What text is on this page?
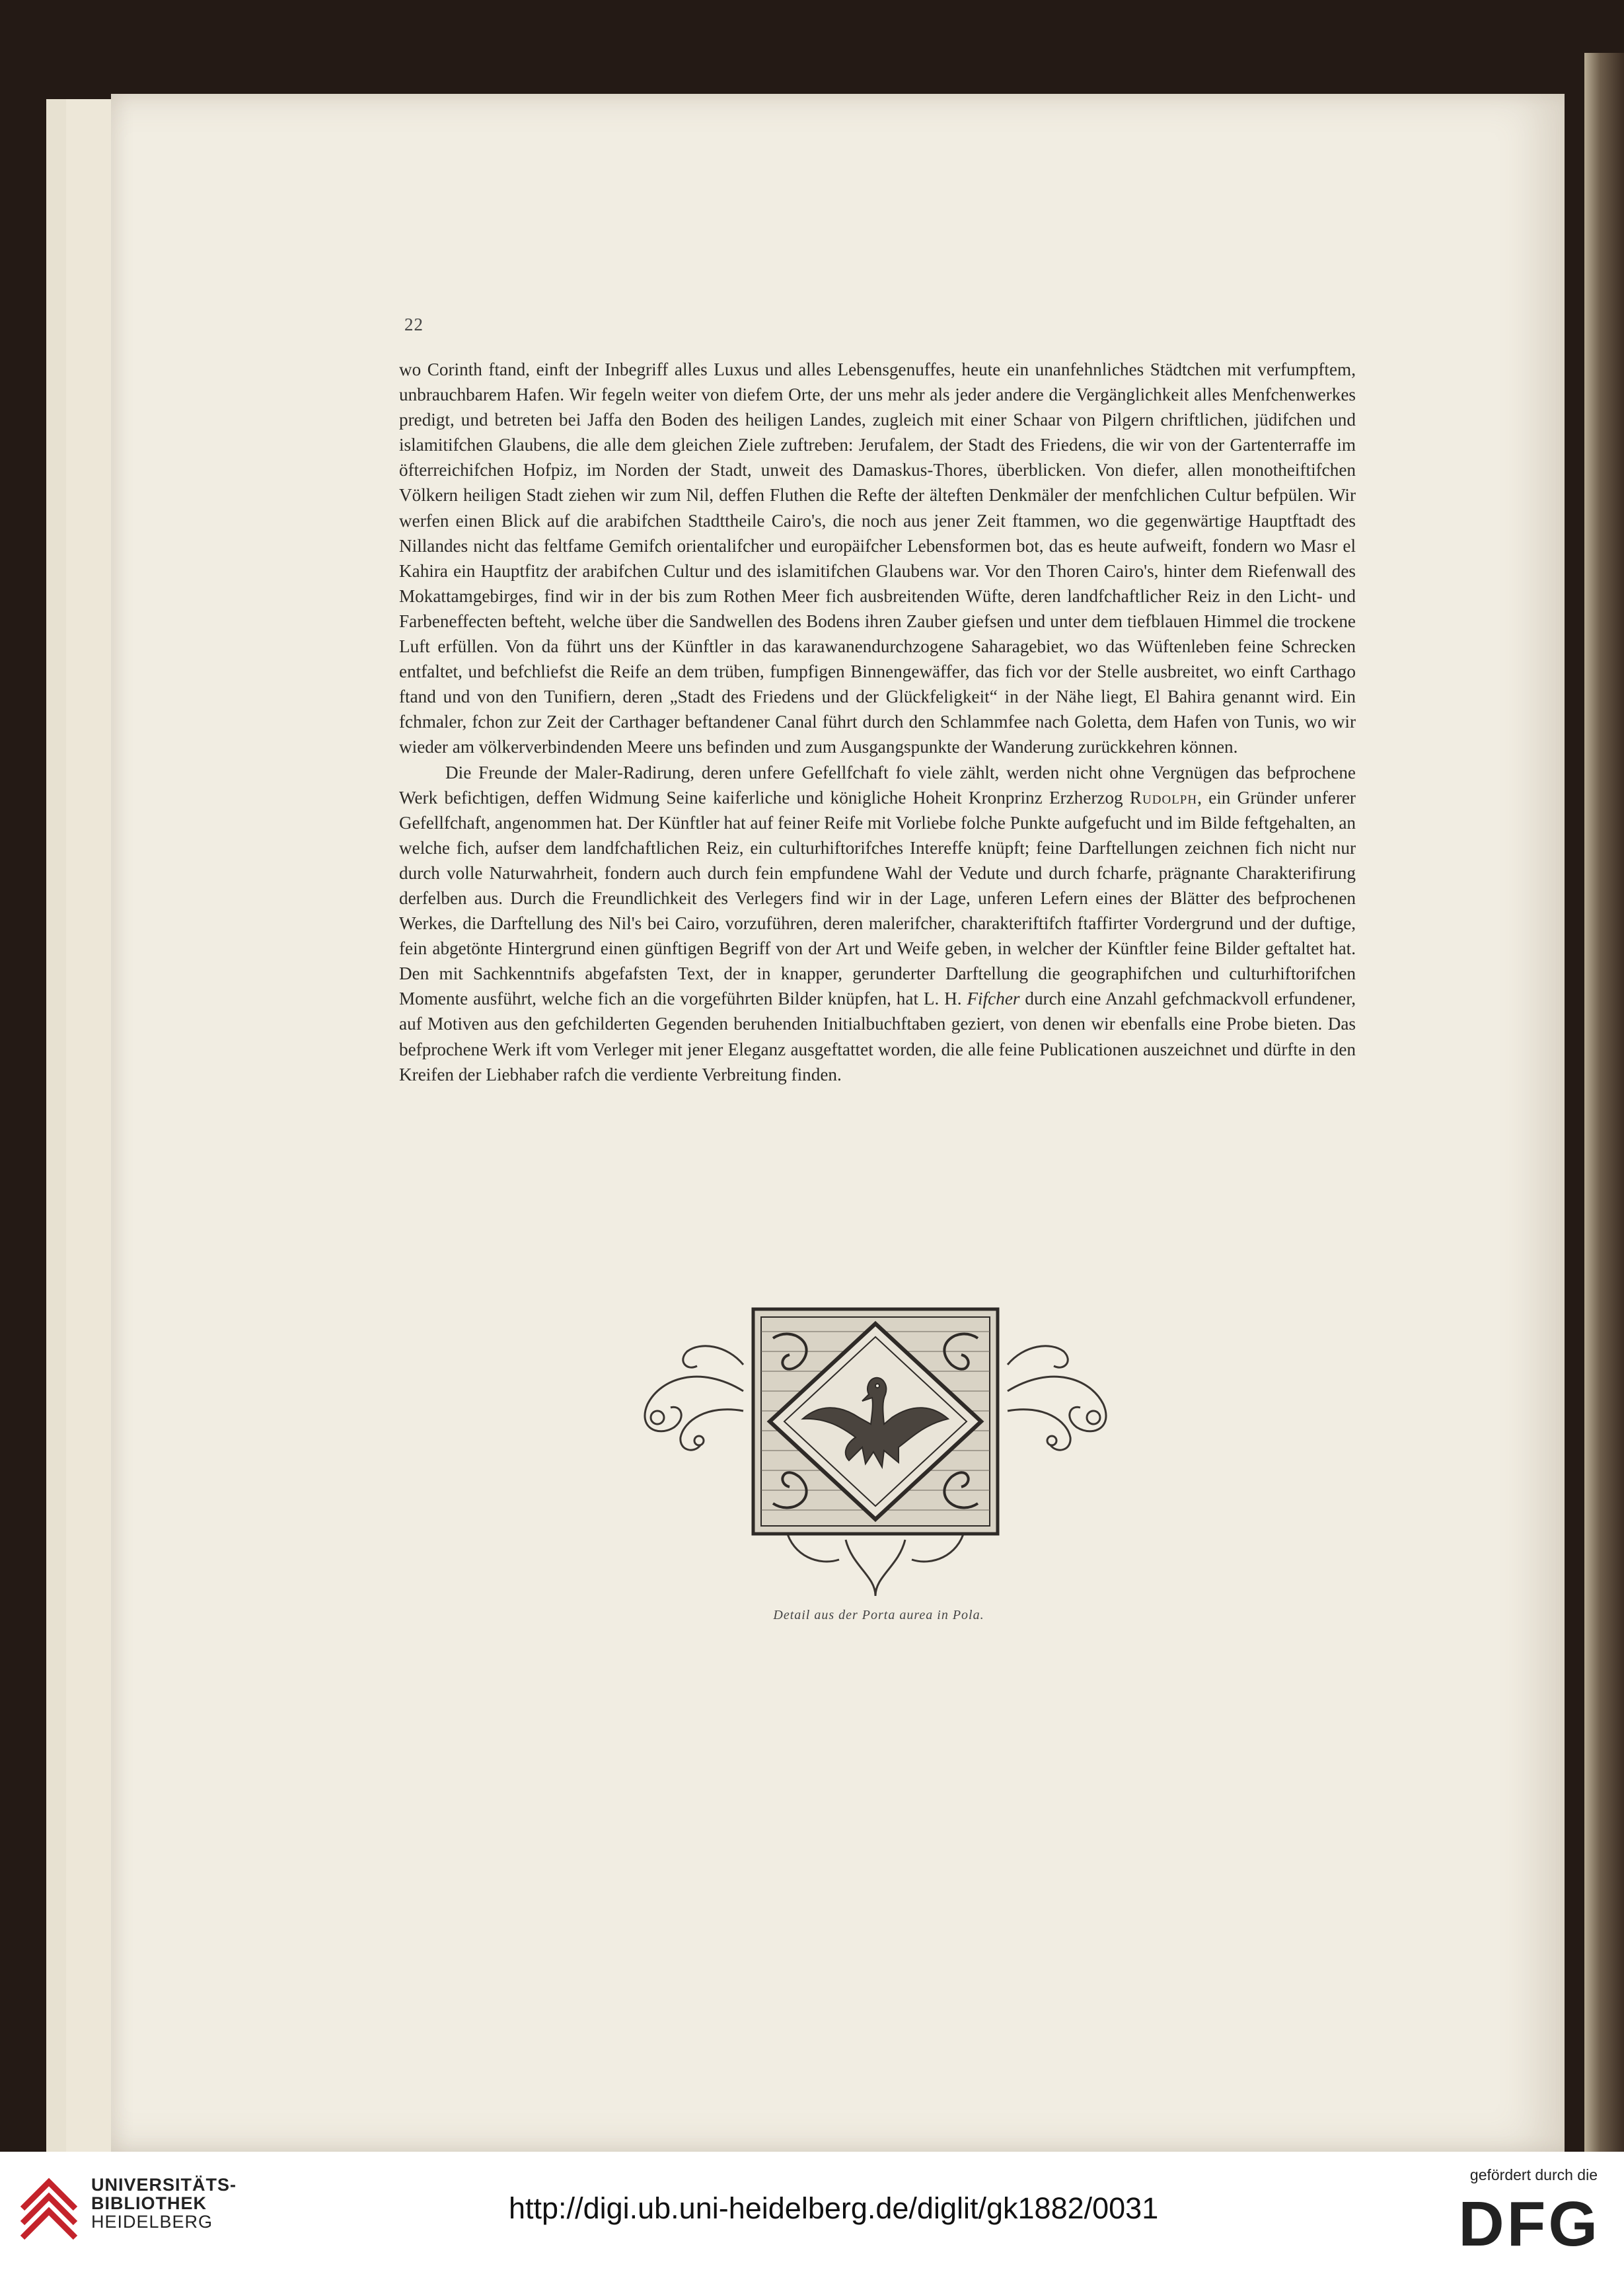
22

wo Corinth ftand, einft der Inbegriff alles Luxus und alles Lebensgenuffes, heute ein unanfehnliches Städtchen mit verfumpftem, unbrauchbarem Hafen. Wir fegeln weiter von diefem Orte, der uns mehr als jeder andere die Vergänglichkeit alles Menfchenwerkes predigt, und betreten bei Jaffa den Boden des heiligen Landes, zugleich mit einer Schaar von Pilgern chriftlichen, jüdifchen und islamitifchen Glaubens, die alle dem gleichen Ziele zuftreben: Jerufalem, der Stadt des Friedens, die wir von der Gartenterraffe im öfterreichifchen Hofpiz, im Norden der Stadt, unweit des Damaskus-Thores, überblicken. Von diefer, allen monotheiftifchen Völkern heiligen Stadt ziehen wir zum Nil, deffen Fluthen die Refte der älteften Denkmäler der menfchlichen Cultur befpülen. Wir werfen einen Blick auf die arabifchen Stadttheile Cairo's, die noch aus jener Zeit ftammen, wo die gegenwärtige Hauptftadt des Nillandes nicht das feltfame Gemifch orientalifcher und europäifcher Lebensformen bot, das es heute aufweift, fondern wo Masr el Kahira ein Hauptfitz der arabifchen Cultur und des islamitifchen Glaubens war. Vor den Thoren Cairo's, hinter dem Riefenwall des Mokattamgebirges, find wir in der bis zum Rothen Meer fich ausbreitenden Wüfte, deren landfchaftlicher Reiz in den Licht- und Farbeneffecten befteht, welche über die Sandwellen des Bodens ihren Zauber giefsen und unter dem tiefblauen Himmel die trockene Luft erfüllen. Von da führt uns der Künftler in das karawanendurchzogene Saharagebiet, wo das Wüftenleben feine Schrecken entfaltet, und befchliefst die Reife an dem trüben, fumpfigen Binnengewäffer, das fich vor der Stelle ausbreitet, wo einft Carthago ftand und von den Tunifiern, deren „Stadt des Friedens und der Glückfeligkeit“ in der Nähe liegt, El Bahira genannt wird. Ein fchmaler, fchon zur Zeit der Carthager beftandener Canal führt durch den Schlammfee nach Goletta, dem Hafen von Tunis, wo wir wieder am völkerverbindenden Meere uns befinden und zum Ausgangspunkte der Wanderung zurückkehren können.

Die Freunde der Maler-Radirung, deren unfere Gefellfchaft fo viele zählt, werden nicht ohne Vergnügen das befprochene Werk befichtigen, deffen Widmung Seine kaiferliche und königliche Hoheit Kronprinz Erzherzog Rudolph, ein Gründer unferer Gefellfchaft, angenommen hat. Der Künftler hat auf feiner Reife mit Vorliebe folche Punkte aufgefucht und im Bilde feftgehalten, an welche fich, aufser dem landfchaftlichen Reiz, ein culturhiftorifches Intereffe knüpft; feine Darftellungen zeichnen fich nicht nur durch volle Naturwahrheit, fondern auch durch fein empfundene Wahl der Vedute und durch fcharfe, prägnante Charakterifirung derfelben aus. Durch die Freundlichkeit des Verlegers find wir in der Lage, unferen Lefern eines der Blätter des befprochenen Werkes, die Darftellung des Nil's bei Cairo, vorzuführen, deren malerifcher, charakteriftifch ftaffirter Vordergrund und der duftige, fein abgetönte Hintergrund einen günftigen Begriff von der Art und Weife geben, in welcher der Künftler feine Bilder geftaltet hat. Den mit Sachkenntnifs abgefafsten Text, der in knapper, gerunderter Darftellung die geographifchen und culturhiftorifchen Momente ausführt, welche fich an die vorgeführten Bilder knüpfen, hat L. H. Fifcher durch eine Anzahl gefchmackvoll erfundener, auf Motiven aus den gefchilderten Gegenden beruhenden Initialbuchftaben geziert, von denen wir ebenfalls eine Probe bieten. Das befprochene Werk ift vom Verleger mit jener Eleganz ausgeftattet worden, die alle feine Publicationen auszeichnet und dürfte in den Kreifen der Liebhaber rafch die verdiente Verbreitung finden.

Detail aus der Porta aurea in Pola.
UNIVERSITÄTS-
BIBLIOTHEK
HEIDELBERG	http://digi.ub.uni-heidelberg.de/diglit/gk1882/0031
gefördert durch die
DFG
